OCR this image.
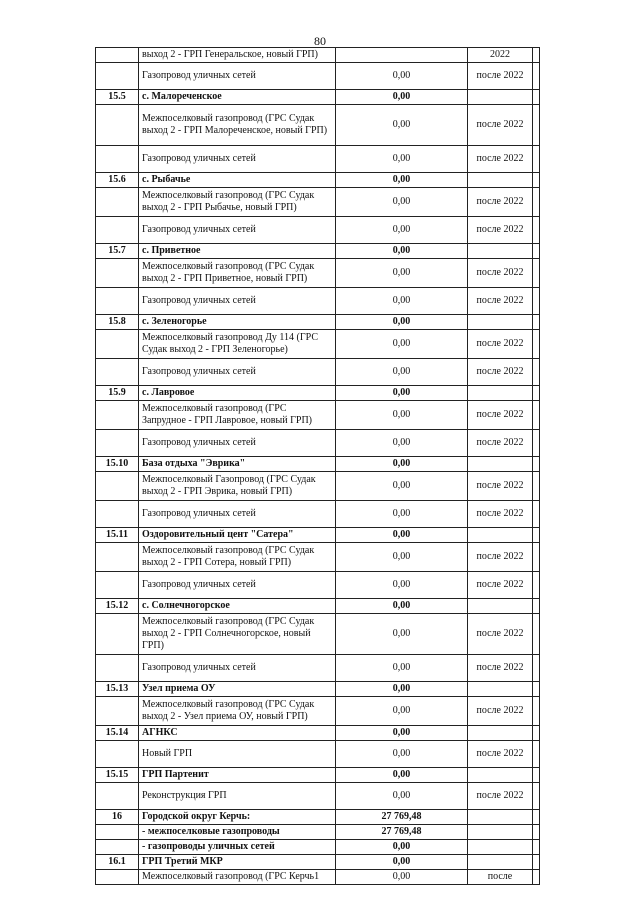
80
	выход 2 - ГРП Генеральское, новый ГРП)		2022	
	Газопровод уличных сетей	0,00	после 2022	
15.5	с. Малореченское	0,00		
	Межпоселковый газопровод (ГРС Судак выход 2 - ГРП Малореченское, новый ГРП)	0,00	после 2022	
	Газопровод уличных сетей	0,00	после 2022	
15.6	с. Рыбачье	0,00		
	Межпоселковый газопровод (ГРС Судак выход 2 - ГРП Рыбачье, новый ГРП)	0,00	после 2022	
	Газопровод уличных сетей	0,00	после 2022	
15.7	с. Приветное	0,00		
	Межпоселковый газопровод (ГРС Судак выход 2 - ГРП Приветное, новый ГРП)	0,00	после 2022	
	Газопровод уличных сетей	0,00	после 2022	
15.8	с. Зеленогорье	0,00		
	Межпоселковый газопровод Ду 114 (ГРС Судак выход 2 - ГРП Зеленогорье)	0,00	после 2022	
	Газопровод уличных сетей	0,00	после 2022	
15.9	с. Лавровое	0,00		
	Межпоселковый газопровод (ГРС Запрудное - ГРП Лавровое, новый ГРП)	0,00	после 2022	
	Газопровод уличных сетей	0,00	после 2022	
15.10	База отдыха "Эврика"	0,00		
	Межпоселковый Газопровод (ГРС Судак выход 2 - ГРП Эврика, новый ГРП)	0,00	после 2022	
	Газопровод уличных сетей	0,00	после 2022	
15.11	Оздоровительный цент "Сатера"	0,00		
	Межпоселковый газопровод (ГРС Судак выход 2 - ГРП Сотера, новый ГРП)	0,00	после 2022	
	Газопровод уличных сетей	0,00	после 2022	
15.12	с. Солнечногорское	0,00		
	Межпоселковый газопровод (ГРС Судак выход 2 - ГРП Солнечногорское, новый ГРП)	0,00	после 2022	
	Газопровод уличных сетей	0,00	после 2022	
15.13	Узел приема ОУ	0,00		
	Межпоселковый газопровод (ГРС Судак выход 2 - Узел приема ОУ, новый ГРП)	0,00	после 2022	
15.14	АГНКС	0,00		
	Новый ГРП	0,00	после 2022	
15.15	ГРП Партенит	0,00		
	Реконструкция ГРП	0,00	после 2022	
16	Городской округ Керчь:	27 769,48		
	- межпоселковые газопроводы	27 769,48		
	- газопроводы уличных сетей	0,00		
16.1	ГРП Третий МКР	0,00		
	Межпоселковый газопровод (ГРС Керчь1	0,00	после	
